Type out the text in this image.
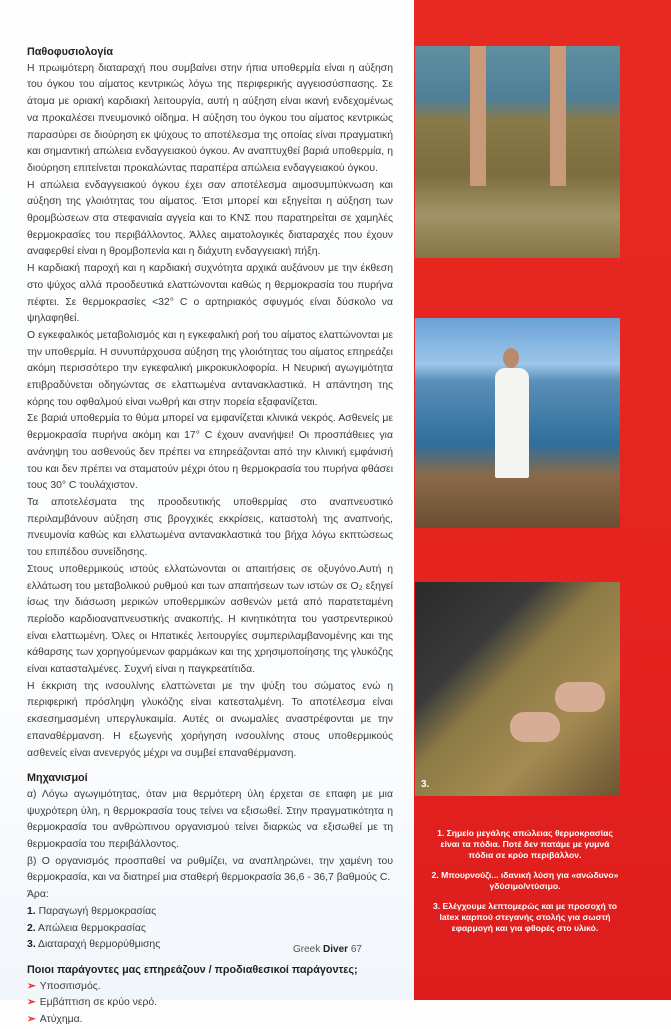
Παθοφυσιολογία

Η πρωιμότερη διαταραχή που συμβαίνει στην ήπια υποθερμία είναι η αύξηση του όγκου του αίματος κεντρικώς λόγω της περιφερικής αγγειοσύσπασης. Σε άτομα με οριακή καρδιακή λειτουργία, αυτή η αύξηση είναι ικανή ενδεχομένως να προκαλέσει πνευμονικό οίδημα. Η αύξηση του όγκου του αίματος κεντρικώς παρασύρει σε διούρηση εκ ψύχους το αποτέλεσμα της οποίας είναι πραγματική και σημαντική απώλεια ενδαγγειακού όγκου. Αν αναπτυχθεί βαριά υποθερμία, η διούρηση επιτείνεται προκαλώντας παραπέρα απώλεια ενδαγγειακού όγκου.

Η απώλεια ενδαγγειακού όγκου έχει σαν αποτέλεσμα αιμοσυμπύκνωση και αύξηση της γλοιότητας του αίματος. Έτσι μπορεί και εξηγείται η αύξηση των θρομβώσεων στα στεφανιαία αγγεία και το ΚΝΣ που παρατηρείται σε χαμηλές θερμοκρασίες του περιβάλλοντος. Άλλες αιματολογικές διαταραχές που έχουν αναφερθεί είναι η θρομβοπενία και η διάχυτη ενδαγγειακή πήξη.

Η καρδιακή παροχή και η καρδιακή συχνότητα αρχικά αυξάνουν με την έκθεση στο ψύχος αλλά προοδευτικά ελαττώνονται καθώς η θερμοκρασία του πυρήνα πέφτει. Σε θερμοκρασίες <32° C ο αρτηριακός σφυγμός είναι δύσκολο να ψηλαφηθεί.

Ο εγκεφαλικός μεταβολισμός και η εγκεφαλική ροή του αίματος ελαττώνονται με την υποθερμία. Η συνυπάρχουσα αύξηση της γλοιότητας του αίματος επηρεάζει ακόμη περισσότερο την εγκεφαλική μικροκυκλοφορία. Η Νευρική αγωγιμότητα επιβραδύνεται οδηγώντας σε ελαττωμένα αντανακλαστικά. Η απάντηση της κόρης του οφθαλμού είναι νωθρή και στην πορεία εξαφανίζεται.

Σε βαριά υποθερμία το θύμα μπορεί να εμφανίζεται κλινικά νεκρός. Ασθενείς με θερμοκρασία πυρήνα ακόμη και 17° C έχουν ανανήψει! Οι προσπάθειες για ανάνηψη του ασθενούς δεν πρέπει να επηρεάζονται από την κλινική εμφάνισή του και δεν πρέπει να σταματούν μέχρι ότου η θερμοκρασία του πυρήνα φθάσει τους 30° C τουλάχιστον.

Τα αποτελέσματα της προοδευτικής υποθερμίας στο αναπνευστικό περιλαμβάνουν αύξηση στις βρογχικές εκκρίσεις, καταστολή της αναπνοής, πνευμονία καθώς και ελλατωμένα αντανακλαστικά του βήχα λόγω εκπτώσεως του επιπέδου συνείδησης.

Στους υποθερμικούς ιστούς ελλατώνονται οι απαιτήσεις σε οξυγόνο.Αυτή η ελλάτωση του μεταβολικού ρυθμού και των απαιτήσεων των ιστών σε O₂ εξηγεί ίσως την διάσωση μερικών υποθερμικών ασθενών μετά από παρατεταμένη περίοδο καρδιοαναπνευστικής ανακοπής. Η κινητικότητα του γαστρεντερικού είναι ελαττωμένη. Όλες οι Ηπατικές λειτουργίες συμπεριλαμβανομένης και της κάθαρσης των χορηγούμενων φαρμάκων και της χρησιμοποίησης της γλυκόζης είναι κατασταλμένες. Συχνή είναι η παγκρεατίτιδα.

Η έκκριση της ινσουλίνης ελαττώνεται με την ψύξη του σώματος ενώ η περιφερική πρόσληψη γλυκόζης είναι κατεσταλμένη. Το αποτέλεσμα είναι εκσεσημασμένη υπεργλυκαιμία. Αυτές οι ανωμαλίες αναστρέφονται με την επαναθέρμανση. Η εξωγενής χορήγηση ινσουλίνης στους υποθερμικούς ασθενείς είναι ανενεργός μέχρι να συμβεί επαναθέρμανση.

Μηχανισμοί

α) Λόγω αγωγιμότητας, όταν μια θερμότερη ύλη έρχεται σε επαφη με μια ψυχρότερη ύλη, η θερμοκρασία τους τείνει να εξισωθεί. Στην πραγματικότητα η θερμοκρασία του ανθρώπινου οργανισμού τείνει διαρκώς να εξισωθεί με τη θερμοκρασία του περιβάλλοντος.

β) Ο οργανισμός προσπαθεί να ρυθμίζει, να αναπληρώνει, την χαμένη του θερμοκρασία, και να διατηρεί μια σταθερή θερμοκρασία 36,6 - 36,7 βαθμούς C.

Άρα:

1. Παραγωγή θερμοκρασίας
2. Απώλεια θερμοκρασίας
3. Διαταραχή θερμορύθμισης
Ποιοι παράγοντες μας επηρεάζουν / προδιαθεσικοί παράγοντες;
➢ Υποσιτισμός.
➢ Εμβάπτιση σε κρύο νερό.
➢ Ατύχημα.
Greek Diver 67
3.

1. Σημείο μεγάλης απώλειας θερμοκρασίας είναι τα πόδια. Ποτέ δεν πατάμε με γυμνά πόδια σε κρύο περιβάλλον.

2. Μπουρνούζι... ιδανική λύση για «ανώδυνο» γδύσιμο/ντύσιμο.

3. Ελέγχουμε λεπτομερώς και με προσοχή το latex καρπού στεγανής στολής για σωστή εφαρμογή και για φθορές στο υλικό.
